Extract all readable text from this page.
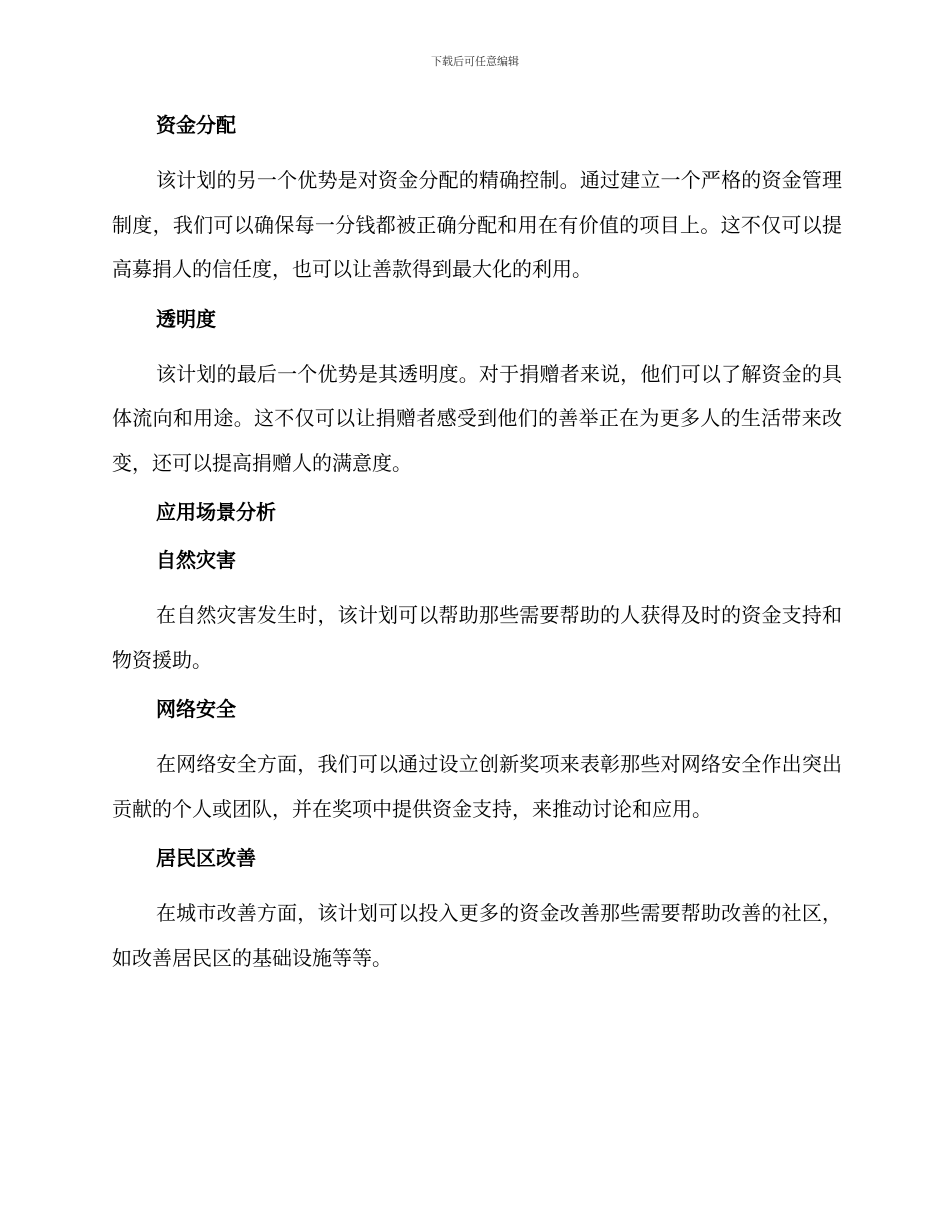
下载后可任意编辑
资金分配

该计划的另一个优势是对资金分配的精确控制。通过建立一个严格的资金管理制度，我们可以确保每一分钱都被正确分配和用在有价值的项目上。这不仅可以提高募捐人的信任度，也可以让善款得到最大化的利用。

透明度

该计划的最后一个优势是其透明度。对于捐赠者来说，他们可以了解资金的具体流向和用途。这不仅可以让捐赠者感受到他们的善举正在为更多人的生活带来改变，还可以提高捐赠人的满意度。

应用场景分析
自然灾害

在自然灾害发生时，该计划可以帮助那些需要帮助的人获得及时的资金支持和物资援助。

网络安全

在网络安全方面，我们可以通过设立创新奖项来表彰那些对网络安全作出突出贡献的个人或团队，并在奖项中提供资金支持，来推动讨论和应用。

居民区改善

在城市改善方面，该计划可以投入更多的资金改善那些需要帮助改善的社区，如改善居民区的基础设施等等。
